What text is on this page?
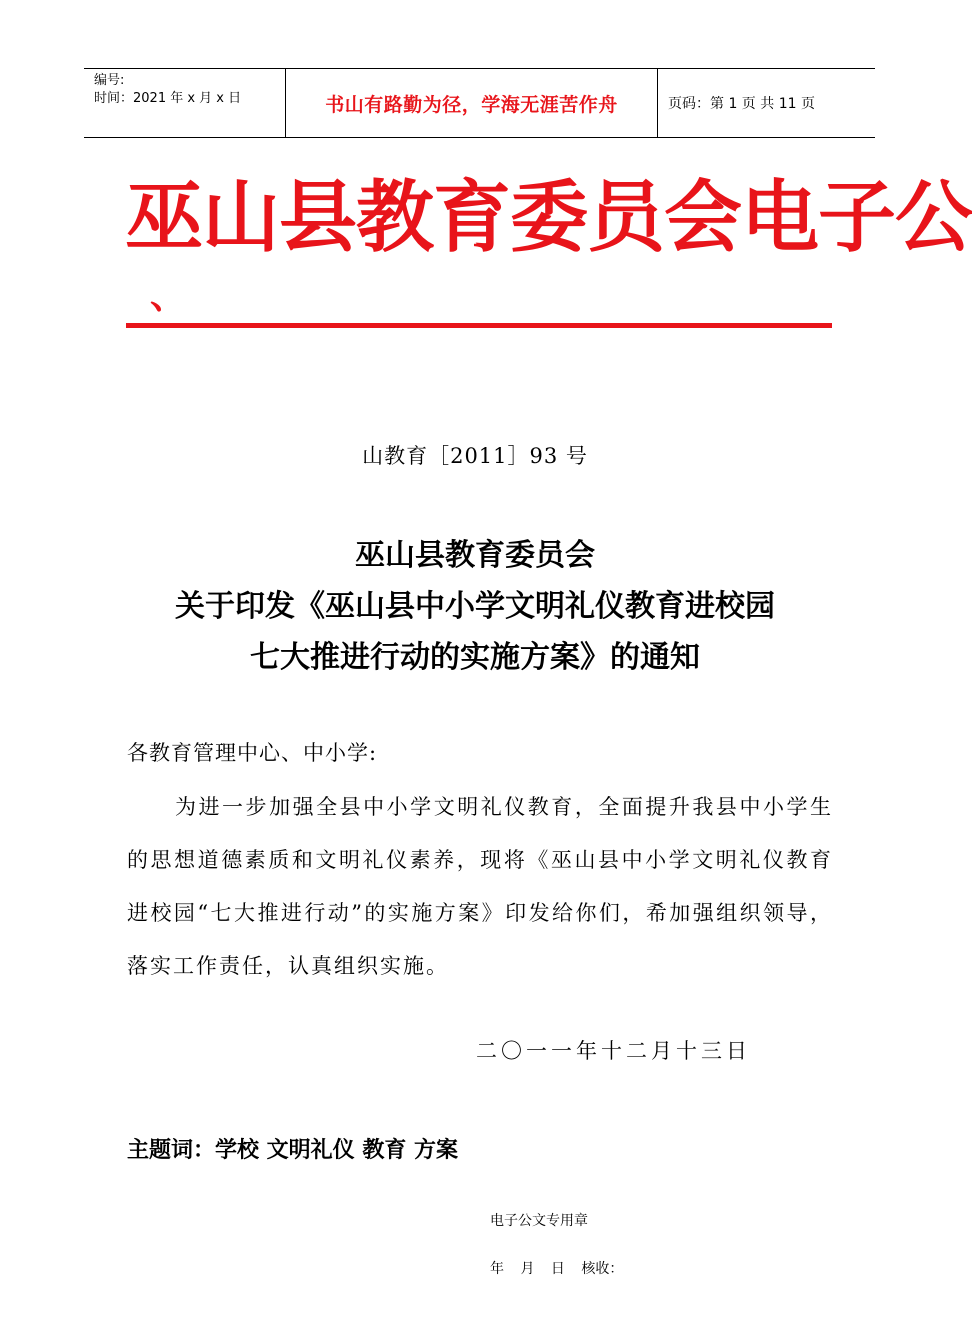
编号:
时间：2021 年 x 月 x 日	书山有路勤为径，学海无涯苦作舟	页码：第 1 页 共 11 页
巫山县教育委员会电子公
、
山教育［2011］93 号
巫山县教育委员会
关于印发《巫山县中小学文明礼仪教育进校园
七大推进行动的实施方案》的通知
各教育管理中心、中小学:
为进一步加强全县中小学文明礼仪教育，全面提升我县中小学生的思想道德素质和文明礼仪素养，现将《巫山县中小学文明礼仪教育进校园“七大推进行动”的实施方案》印发给你们，希加强组织领导，落实工作责任，认真组织实施。
二〇一一年十二月十三日
主题词：学校 文明礼仪 教育 方案
电子公文专用章
年 月 日 核收：
